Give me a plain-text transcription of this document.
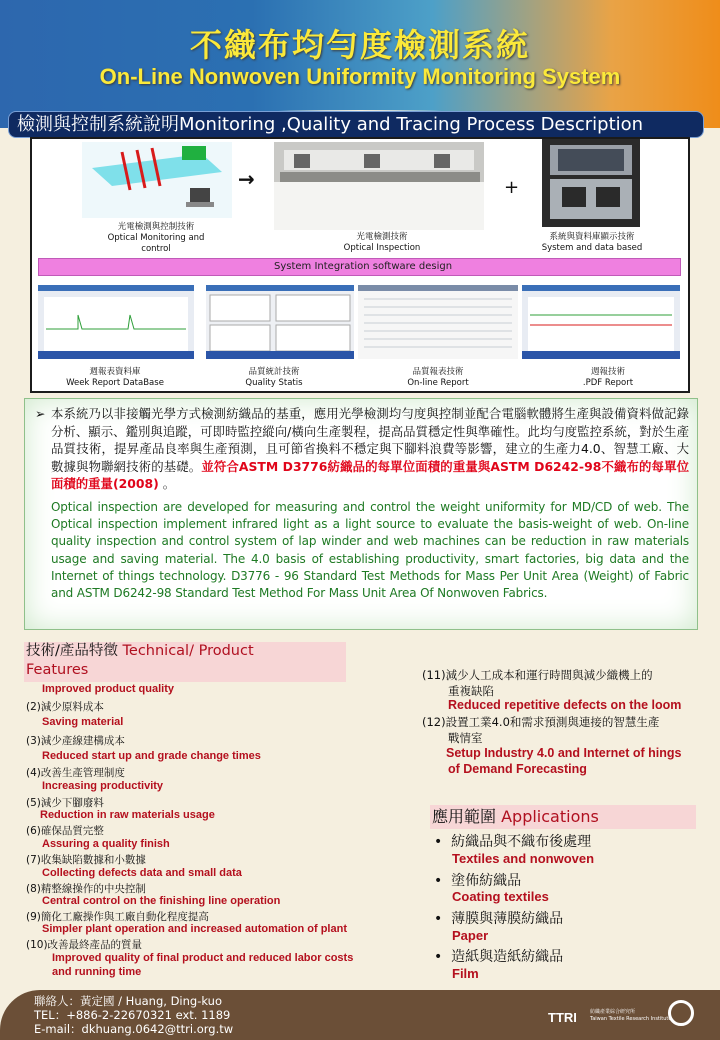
不織布均勻度檢測系統
On-Line Nonwoven Uniformity Monitoring System
檢測與控制系統說明Monitoring ,Quality and Tracing Process Description
→	+
光電檢測與控制技術
Optical Monitoring and control
光電檢測技術
Optical Inspection
系統與資料庫顯示技術
System and data based
System Integration software design
週報表資料庫
Week Report DataBase
品質統計技術
Quality Statis
品質報表技術
On-line Report
週報技術
.PDF Report
➢ 本系統乃以非接觸光學方式檢測紡織品的基重，應用光學檢測均勻度與控制並配合電腦軟體將生產與設備資料做記錄分析、顯示、鑑別與追蹤，可即時監控縱向/橫向生產製程，提高品質穩定性與準確性。此均勻度監控系統，對於生產品質技術，提昇產品良率與生產預測，且可節省換料不穩定與下腳料浪費等影響，建立的生產力4.0、智慧工廠、大數據與物聯網技術的基礎。並符合ASTM D3776紡織品的每單位面積的重量與ASTM D6242-98不織布的每單位面積的重量(2008) 。
Optical inspection are developed for measuring and control the weight uniformity for MD/CD of web. The Optical inspection implement infrared light as a light source to evaluate the basis-weight of web. On-line quality inspection and control system of lap winder and web machines can be reduction in raw materials usage and saving material. The 4.0 basis of establishing productivity, smart factories, big data and the Internet of things technology. D3776 - 96 Standard Test Methods for Mass Per Unit Area (Weight) of Fabric and ASTM D6242-98 Standard Test Method For Mass Unit Area Of Nonwoven Fabrics.
技術/產品特徵 Technical/ Product
Features
Improved product quality
(2)減少原料成本
Saving material
(3)減少產線建構成本
Reduced start up and grade change times
(4)改善生產管理制度
Increasing productivity
(5)減少下腳廢料
Reduction in raw materials usage
(6)確保品質完整
Assuring a quality finish
(7)收集缺陷數據和小數據
Collecting defects data and small data
(8)精整線操作的中央控制
Central control on the finishing line operation
(9)簡化工廠操作與工廠自動化程度提高
Simpler plant operation and increased automation of plant
(10)改善最終產品的質量
Improved quality of final product and reduced labor costs
and running time
(11)減少人工成本和運行時間與減少織機上的
重複缺陷
Reduced repetitive defects on the loom
(12)設置工業4.0和需求預測與連接的智慧生產
戰情室
Setup Industry 4.0 and Internet of hings
of Demand Forecasting
應用範圍 Applications
• 紡織品與不織布後處理
Textiles and nonwoven
• 塗佈紡織品
Coating textiles
• 薄膜與薄膜紡織品
Paper
• 造紙與造紙紡織品
Film
聯絡人：黃定國 / Huang, Ding-kuo
TEL：+886-2-22670321 ext. 1189
E-mail：dkhuang.0642@ttri.org.tw
TTRI	紡織產業綜合研究所
Taiwan Textile Research Institute
